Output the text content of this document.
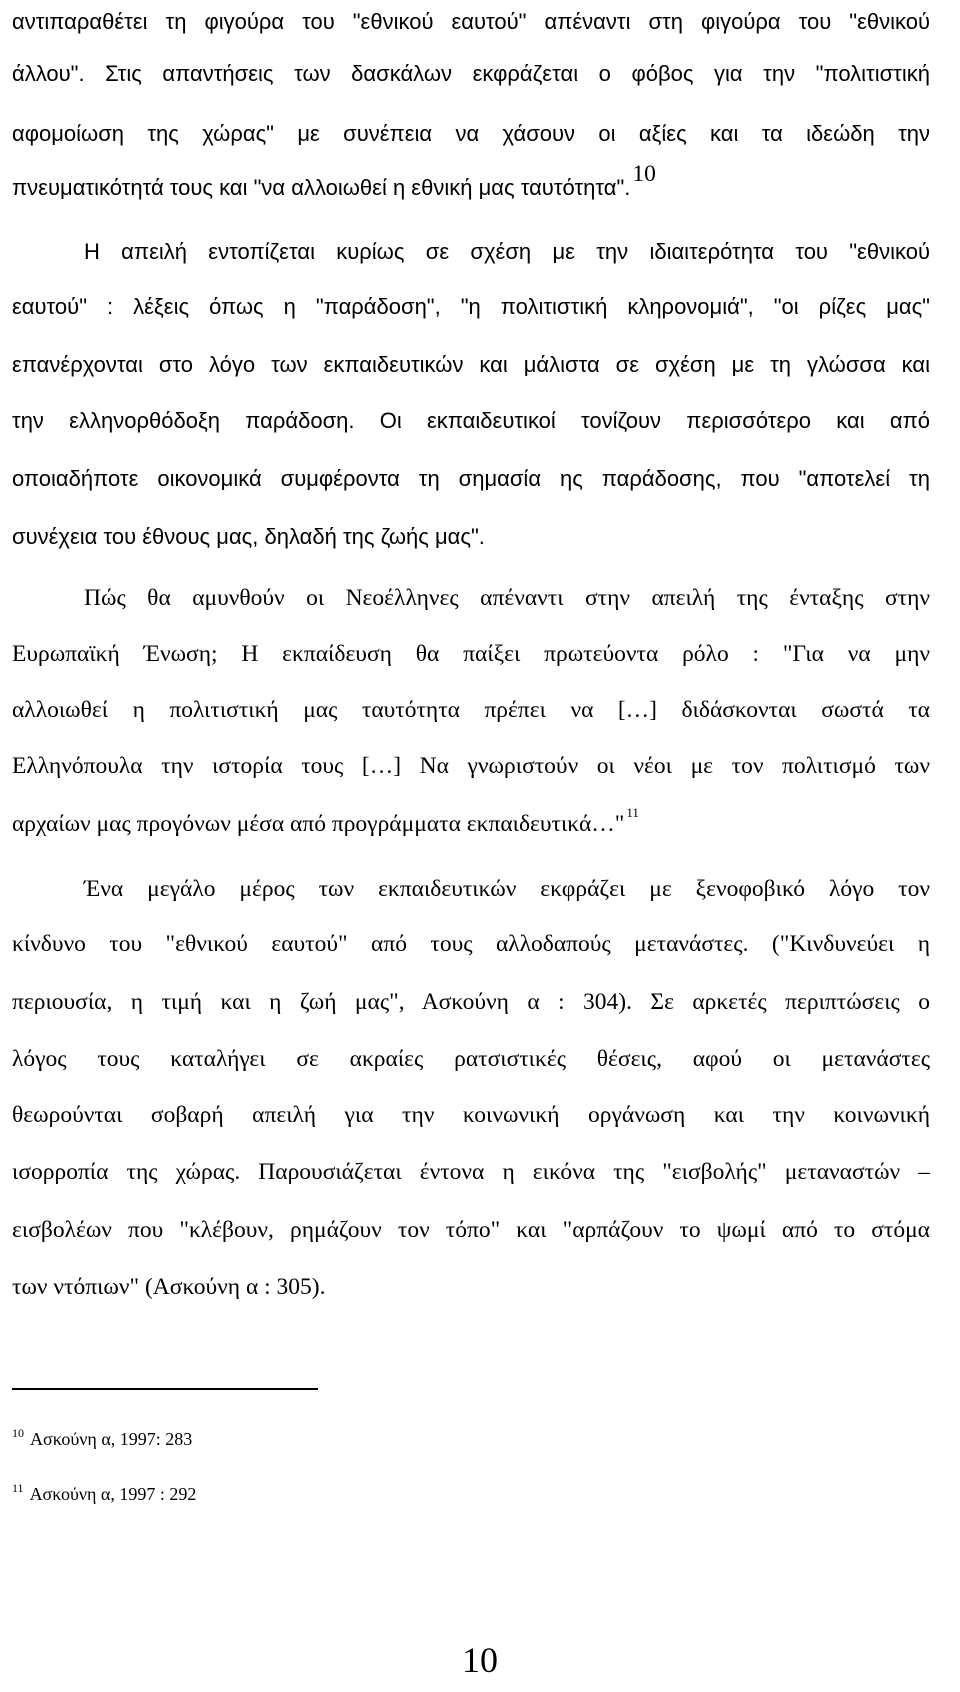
αντιπαραθέτει τη φιγούρα του "εθνικού εαυτού" απέναντι στη φιγούρα του "εθνικού
άλλου". Στις απαντήσεις των δασκάλων εκφράζεται ο φόβος για την "πολιτιστική
αφομοίωση της χώρας" με συνέπεια να χάσουν οι αξίες και τα ιδεώδη την
πνευματικότητά τους και "να αλλοιωθεί η εθνική μας ταυτότητα".$^{10}$
Η απειλή εντοπίζεται κυρίως σε σχέση με την ιδιαιτερότητα του "εθνικού
εαυτού" : λέξεις όπως η "παράδοση", "η πολιτιστική κληρονομιά", "οι ρίζες μας"
επανέρχονται στο λόγο των εκπαιδευτικών και μάλιστα σε σχέση με τη γλώσσα και
την ελληνορθόδοξη παράδοση. Οι εκπαιδευτικοί τονίζουν περισσότερο και από
οποιαδήποτε οικονομικά συμφέροντα τη σημασία ης παράδοσης, που "αποτελεί τη
συνέχεια του έθνους μας, δηλαδή της ζωής μας".
Πώς θα αμυνθούν οι Νεοέλληνες απέναντι στην απειλή της ένταξης στην
Ευρωπαϊκή Ένωση; Η εκπαίδευση θα παίξει πρωτεύοντα ρόλο : "Για να μην
αλλοιωθεί η πολιτιστική μας ταυτότητα πρέπει να […] διδάσκονται σωστά τα
Ελληνόπουλα την ιστορία τους […] Να γνωριστούν οι νέοι με τον πολιτισμό των
αρχαίων μας προγόνων μέσα από προγράμματα εκπαιδευτικά…" $^{11}$
Ένα μεγάλο μέρος των εκπαιδευτικών εκφράζει με ξενοφοβικό λόγο τον
κίνδυνο του "εθνικού εαυτού" από τους αλλοδαπούς μετανάστες. ("Κινδυνεύει η
περιουσία, η τιμή και η ζωή μας", Ασκούνη α : 304). Σε αρκετές περιπτώσεις ο
λόγος τους καταλήγει σε ακραίες ρατσιστικές θέσεις, αφού οι μετανάστες
θεωρούνται σοβαρή απειλή για την κοινωνική οργάνωση και την κοινωνική
ισορροπία της χώρας. Παρουσιάζεται έντονα η εικόνα της "εισβολής" μεταναστών –
εισβολέων που "κλέβουν, ρημάζουν τον τόπο" και "αρπάζουν το ψωμί από το στόμα
των ντόπιων" (Ασκούνη α : 305).
$^{10}$ Ασκούνη α, 1997: 283
$^{11}$ Ασκούνη α, 1997 : 292
10
